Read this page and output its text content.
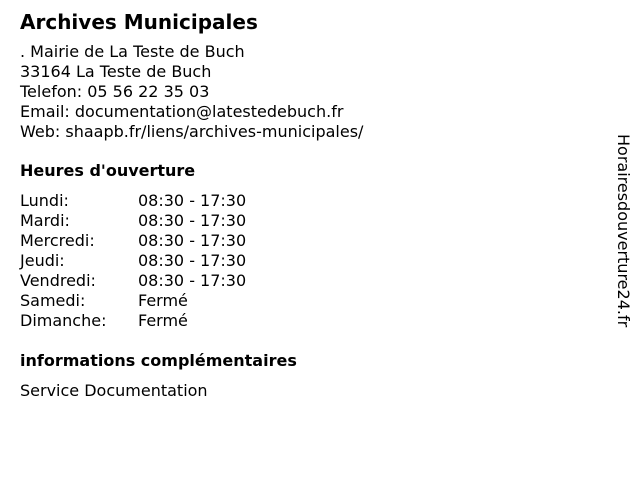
Archives Municipales
. Mairie de La Teste de Buch
33164 La Teste de Buch
Telefon: 05 56 22 35 03
Email: documentation@latestedebuch.fr
Web: shaapb.fr/liens/archives-municipales/
Heures d'ouverture
Lundi:	08:30 - 17:30
Mardi:	08:30 - 17:30
Mercredi:	08:30 - 17:30
Jeudi:	08:30 - 17:30
Vendredi:	08:30 - 17:30
Samedi:	Fermé
Dimanche:	Fermé
informations complémentaires
Service Documentation
Horairesdouverture24.fr
